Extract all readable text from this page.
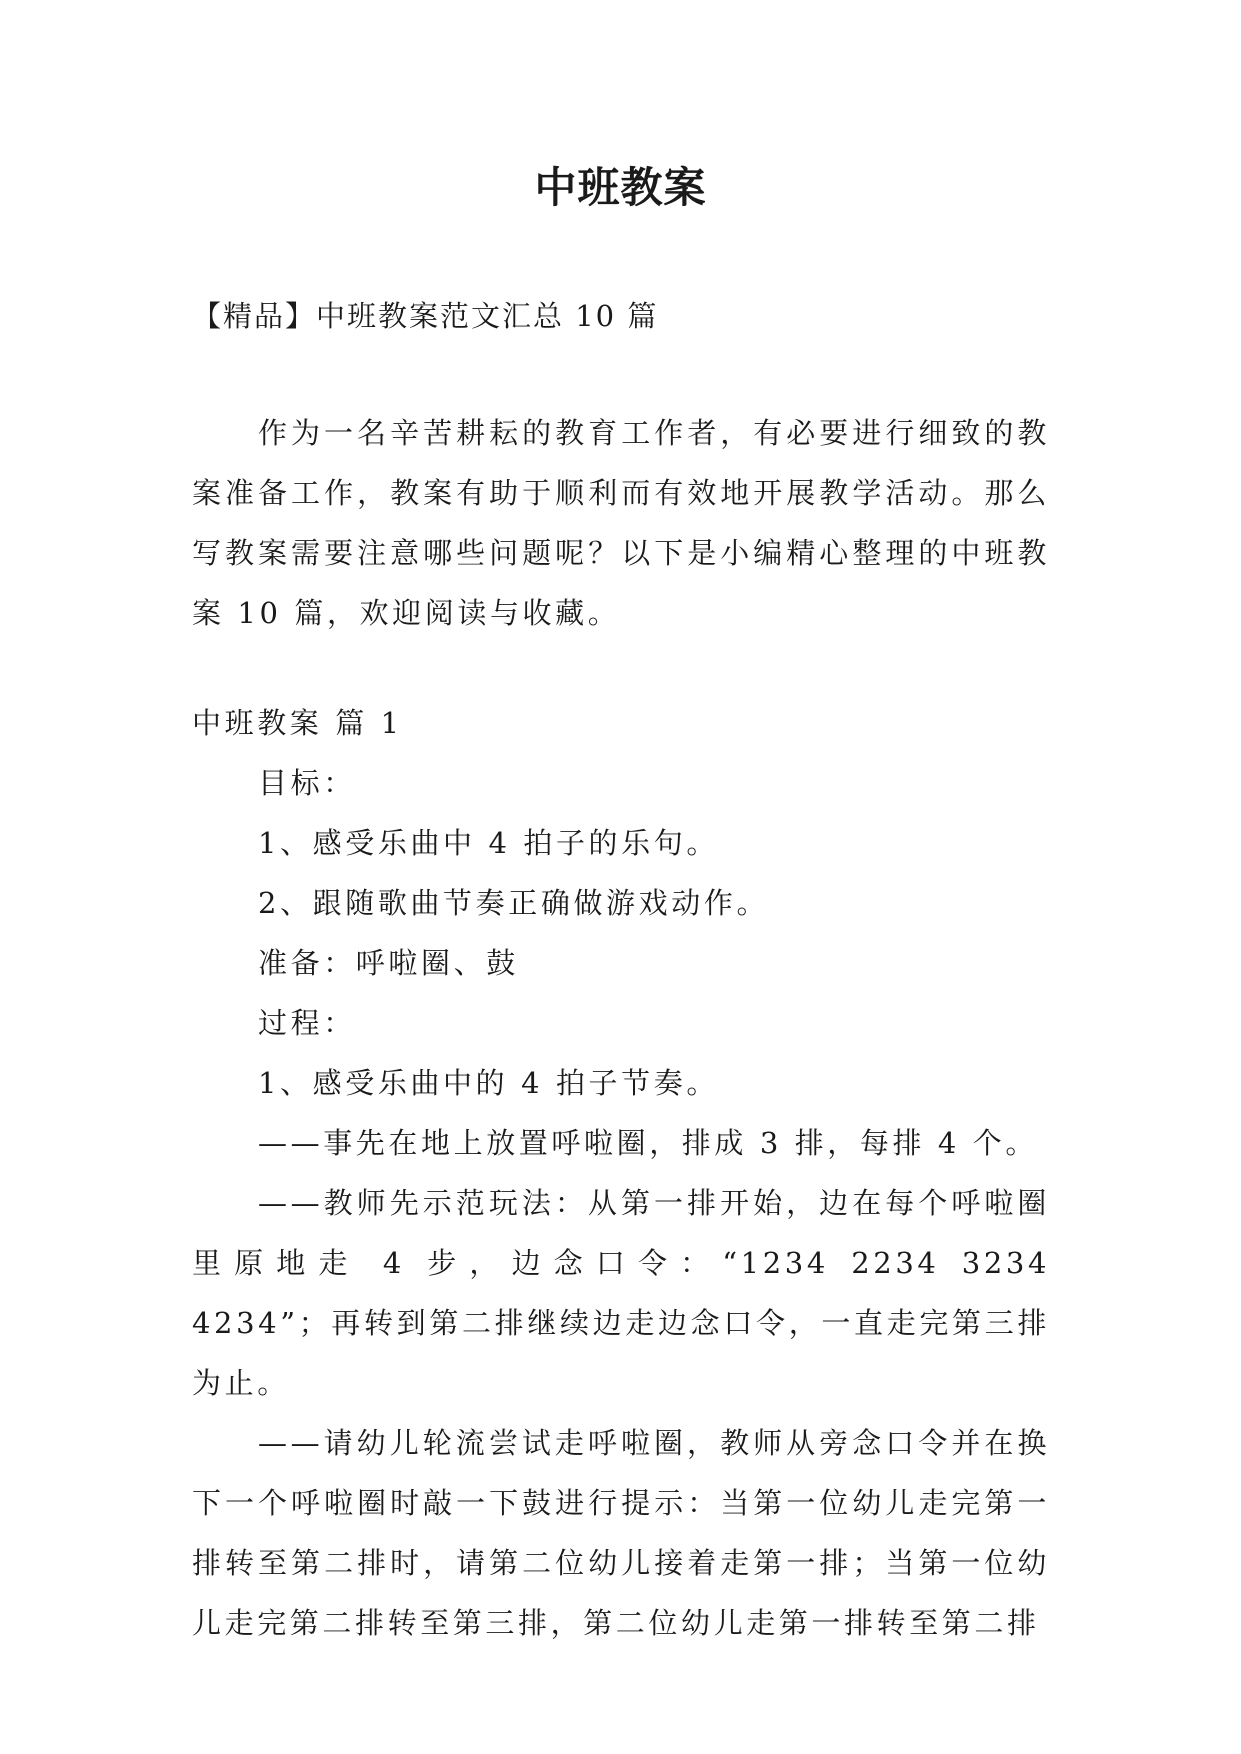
中班教案
【精品】中班教案范文汇总 10 篇
作为一名辛苦耕耘的教育工作者，有必要进行细致的教案准备工作，教案有助于顺利而有效地开展教学活动。那么写教案需要注意哪些问题呢？以下是小编精心整理的中班教案 10 篇，欢迎阅读与收藏。

中班教案 篇 1

目标：

1、感受乐曲中 4 拍子的乐句。

2、跟随歌曲节奏正确做游戏动作。

准备：呼啦圈、鼓

过程：

1、感受乐曲中的 4 拍子节奏。

——事先在地上放置呼啦圈，排成 3 排，每排 4 个。

——教师先示范玩法：从第一排开始，边在每个呼啦圈里原地走 4 步，边念口令：“1234 2234 3234 4234”；再转到第二排继续边走边念口令，一直走完第三排为止。

——请幼儿轮流尝试走呼啦圈，教师从旁念口令并在换下一个呼啦圈时敲一下鼓进行提示：当第一位幼儿走完第一排转至第二排时，请第二位幼儿接着走第一排；当第一位幼儿走完第二排转至第三排，第二位幼儿走第一排转至第二排
